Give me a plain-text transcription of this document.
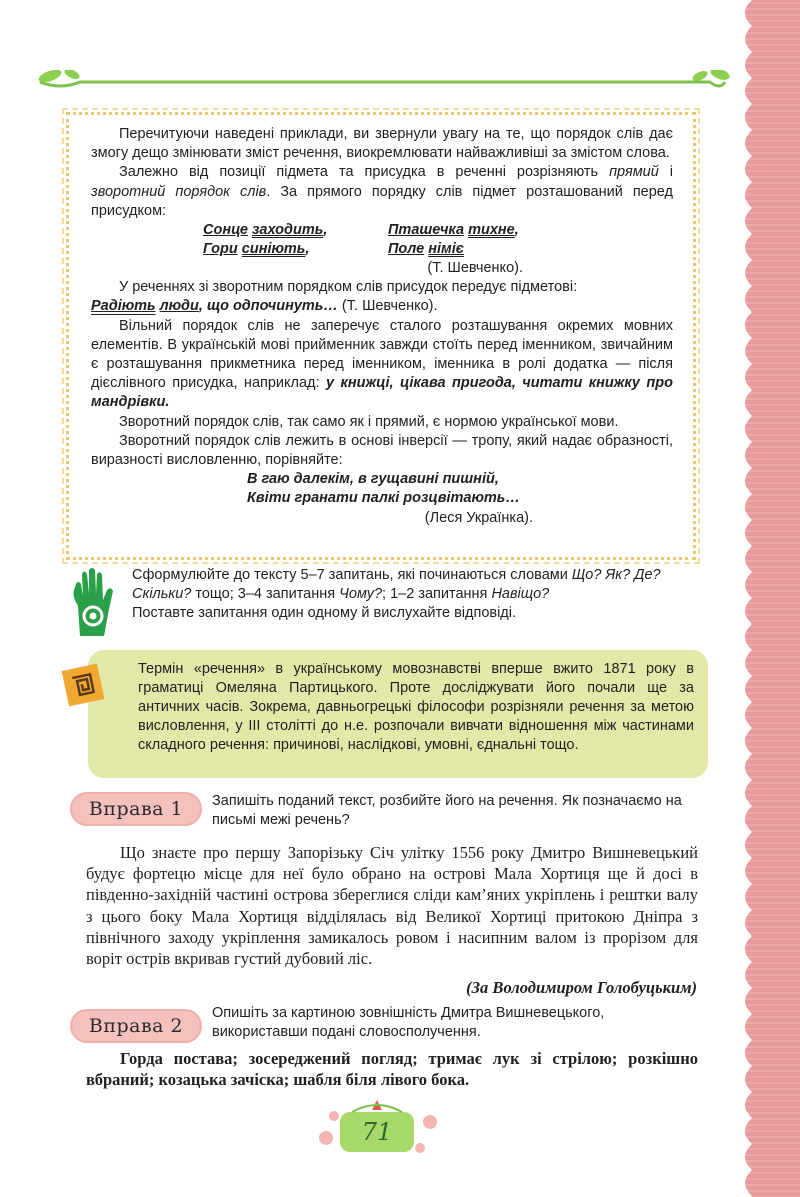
Перечитуючи наведені приклади, ви звернули увагу на те, що порядок слів дає змогу дещо змінювати зміст речення, виокремлювати найважливіші за змістом слова.

Залежно від позиції підмета та присудка в реченні розрізняють прямий і зворотний порядок слів. За прямого порядку слів підмет розташований перед присудком:

Сонце заходить,	Пташечка тихне,
Гори синіють,	Поле німіє

(Т. Шевченко).

У реченнях зі зворотним порядком слів присудок передує підметові:

Радіють люди, що одпочинуть… (Т. Шевченко).

Вільний порядок слів не заперечує сталого розташування окремих мовних елементів. В українській мові прийменник завжди стоїть перед іменником, звичайним є розташування прикметника перед іменником, іменника в ролі додатка — після дієслівного присудка, наприклад: у книжці, цікава пригода, читати книжку про мандрівки.

Зворотний порядок слів, так само як і прямий, є нормою української мови.

Зворотний порядок слів лежить в основі інверсії — тропу, який надає образності, виразності висловленню, порівняйте:

В гаю далекім, в гущавині пишній,

Квіти гранати палкі розцвітають…

(Леся Українка).

Сформулюйте до тексту 5–7 запитань, які починаються словами Що? Як? Де? Скільки? тощо; 3–4 запитання Чому?; 1–2 запитання Навіщо?
Поставте запитання один одному й вислухайте відповіді.

Термін «речення» в українському мовознавстві вперше вжито 1871 року в граматиці Омеляна Партицького. Проте досліджувати його почали ще за античних часів. Зокрема, давньогрецькі філософи розрізняли речення за метою висловлення, у ІІІ столітті до н.е. розпочали вивчати відношення між частинами складного речення: причинові, наслідкові, умовні, єднальні тощо.

Вправа 1	Запишіть поданий текст, розбийте його на речення. Як позначаємо на письмі межі речень?

Що знаєте про першу Запорізьку Січ улітку 1556 року Дмитро Вишневецький будує фортецю місце для неї було обрано на острові Мала Хортиця ще й досі в південно-західній частині острова збереглися сліди кам’яних укріплень і рештки валу з цього боку Мала Хортиця відділялась від Великої Хортиці притокою Дніпра з північного заходу укріплення замикалось ровом і насипним валом із прорізом для воріт острів вкривав густий дубовий ліс.

(За Володимиром Голобуцьким)
Вправа 2
Опишіть за картиною зовнішність Дмитра Вишневецького, використавши подані словосполучення.

Горда постава; зосереджений погляд; тримає лук зі стрілою; розкішно вбраний; козацька зачіска; шабля біля лівого бока.

71
